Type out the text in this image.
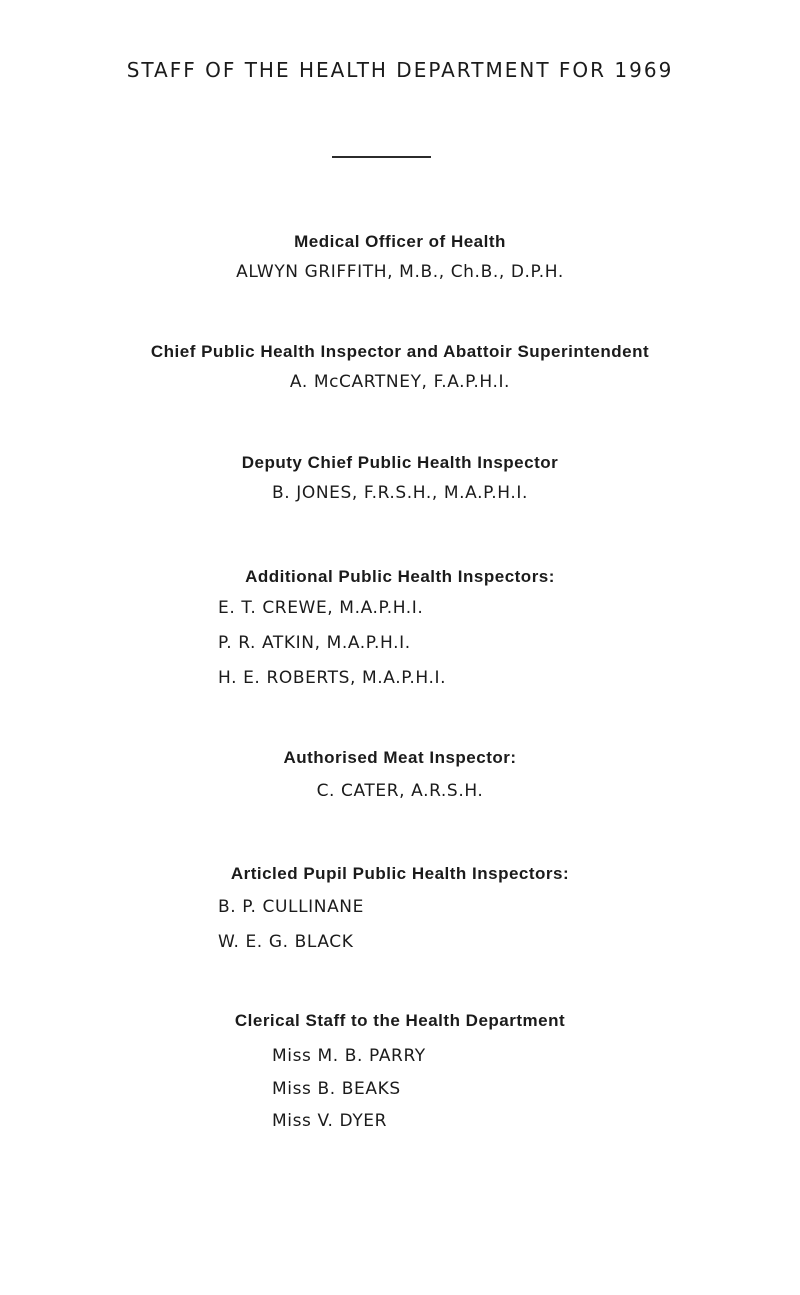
STAFF OF THE HEALTH DEPARTMENT FOR 1969
Medical Officer of Health
ALWYN GRIFFITH, M.B., Ch.B., D.P.H.
Chief Public Health Inspector and Abattoir Superintendent
A. McCARTNEY, F.A.P.H.I.
Deputy Chief Public Health Inspector
B. JONES, F.R.S.H., M.A.P.H.I.
Additional Public Health Inspectors:
E. T. CREWE, M.A.P.H.I.
P. R. ATKIN, M.A.P.H.I.
H. E. ROBERTS, M.A.P.H.I.
Authorised Meat Inspector:
C. CATER, A.R.S.H.
Articled Pupil Public Health Inspectors:
B. P. CULLINANE
W. E. G. BLACK
Clerical Staff to the Health Department
Miss M. B. PARRY
Miss B. BEAKS
Miss V. DYER
